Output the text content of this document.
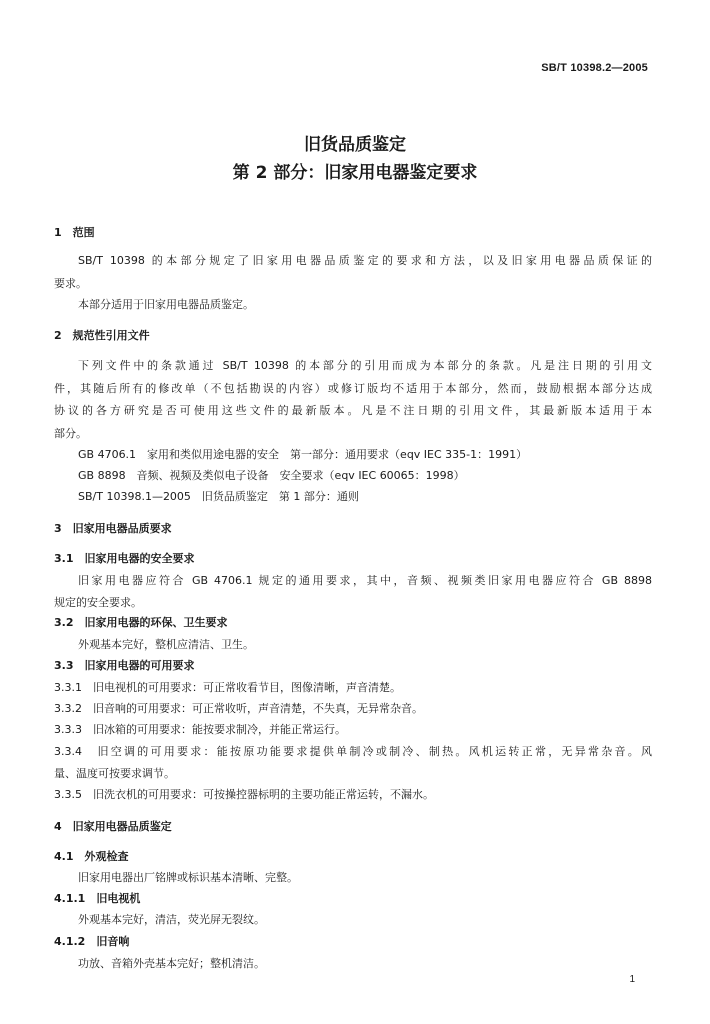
SB/T 10398.2—2005
旧货品质鉴定
第 2 部分：旧家用电器鉴定要求
1　范围
SB/T 10398 的本部分规定了旧家用电器品质鉴定的要求和方法，以及旧家用电器品质保证的
要求。
本部分适用于旧家用电器品质鉴定。
2　规范性引用文件
下列文件中的条款通过 SB/T 10398 的本部分的引用而成为本部分的条款。凡是注日期的引用文
件，其随后所有的修改单（不包括勘误的内容）或修订版均不适用于本部分，然而，鼓励根据本部分达成
协议的各方研究是否可使用这些文件的最新版本。凡是不注日期的引用文件，其最新版本适用于本
部分。
GB 4706.1　家用和类似用途电器的安全　第一部分：通用要求（eqv IEC 335-1：1991）
GB 8898　音频、视频及类似电子设备　安全要求（eqv IEC 60065：1998）
SB/T 10398.1—2005　旧货品质鉴定　第 1 部分：通则
3　旧家用电器品质要求
3.1　旧家用电器的安全要求
旧家用电器应符合 GB 4706.1 规定的通用要求，其中，音频、视频类旧家用电器应符合 GB 8898
规定的安全要求。
3.2　旧家用电器的环保、卫生要求
外观基本完好，整机应清洁、卫生。
3.3　旧家用电器的可用要求
3.3.1　旧电视机的可用要求：可正常收看节目，图像清晰，声音清楚。
3.3.2　旧音响的可用要求：可正常收听，声音清楚，不失真，无异常杂音。
3.3.3　旧冰箱的可用要求：能按要求制冷，并能正常运行。
3.3.4　旧空调的可用要求：能按原功能要求提供单制冷或制冷、制热。风机运转正常，无异常杂音。风
量、温度可按要求调节。
3.3.5　旧洗衣机的可用要求：可按操控器标明的主要功能正常运转，不漏水。
4　旧家用电器品质鉴定
4.1　外观检查
旧家用电器出厂铭牌或标识基本清晰、完整。
4.1.1　旧电视机
外观基本完好，清洁，荧光屏无裂纹。
4.1.2　旧音响
功放、音箱外壳基本完好；整机清洁。
1
